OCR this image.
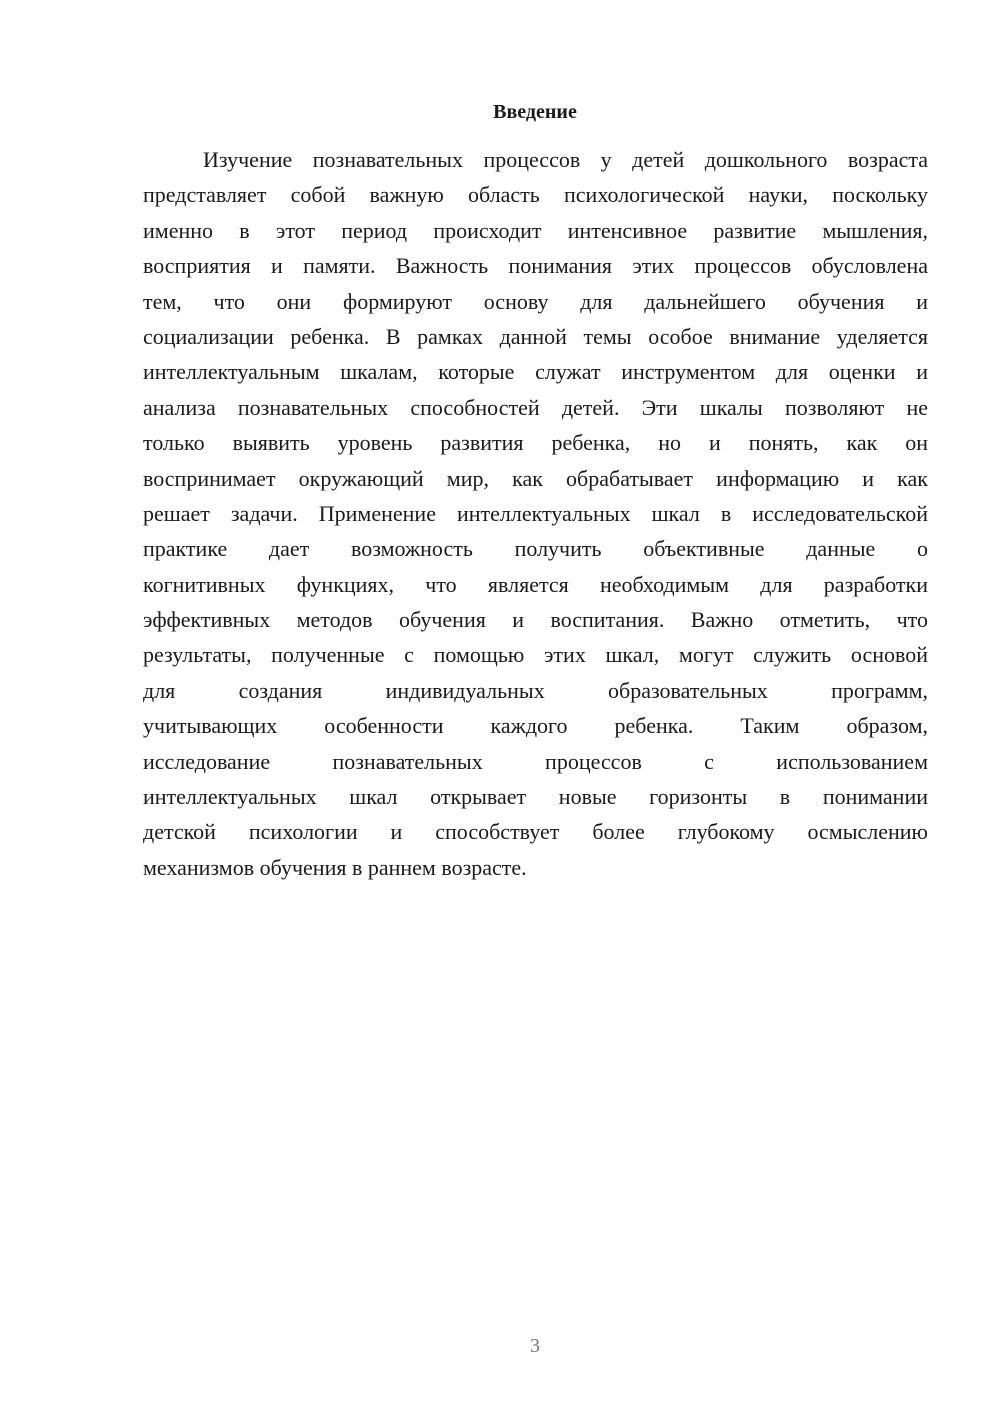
Введение
Изучение познавательных процессов у детей дошкольного возраста
представляет собой важную область психологической науки, поскольку
именно в этот период происходит интенсивное развитие мышления,
восприятия и памяти. Важность понимания этих процессов обусловлена
тем, что они формируют основу для дальнейшего обучения и
социализации ребенка. В рамках данной темы особое внимание уделяется
интеллектуальным шкалам, которые служат инструментом для оценки и
анализа познавательных способностей детей. Эти шкалы позволяют не
только выявить уровень развития ребенка, но и понять, как он
воспринимает окружающий мир, как обрабатывает информацию и как
решает задачи. Применение интеллектуальных шкал в исследовательской
практике дает возможность получить объективные данные о
когнитивных функциях, что является необходимым для разработки
эффективных методов обучения и воспитания. Важно отметить, что
результаты, полученные с помощью этих шкал, могут служить основой
для создания индивидуальных образовательных программ,
учитывающих особенности каждого ребенка. Таким образом,
исследование познавательных процессов с использованием
интеллектуальных шкал открывает новые горизонты в понимании
детской психологии и способствует более глубокому осмыслению
механизмов обучения в раннем возрасте.
3
